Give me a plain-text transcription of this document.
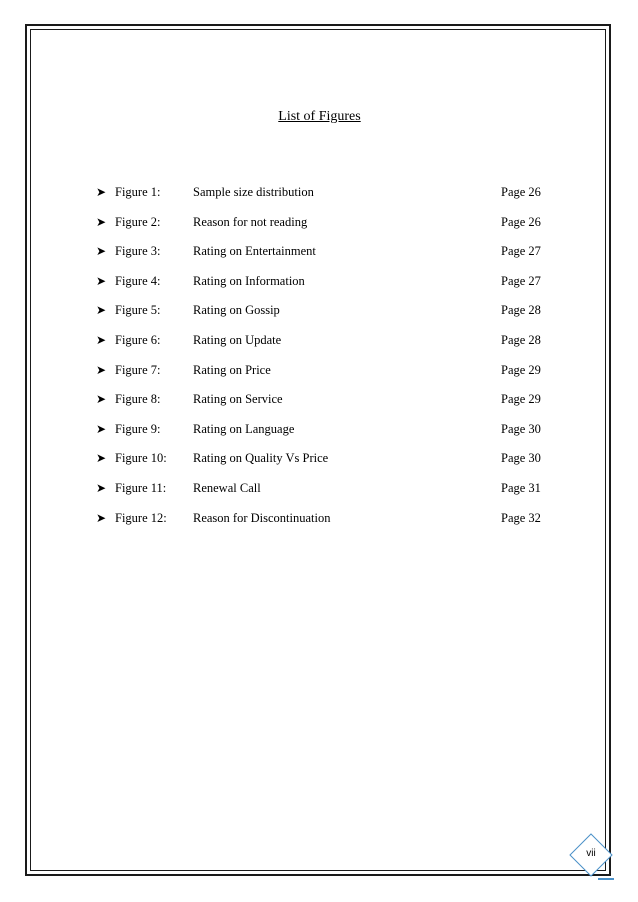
List of Figures
➤ Figure 1:	Sample size distribution	Page 26
➤ Figure 2:	Reason for not reading	Page 26
➤ Figure 3:	Rating on Entertainment	Page 27
➤ Figure 4:	Rating on Information	Page 27
➤ Figure 5:	Rating on Gossip	Page 28
➤ Figure 6:	Rating on Update	Page 28
➤ Figure 7:	Rating on Price	Page 29
➤ Figure 8:	Rating on Service	Page 29
➤ Figure 9:	Rating on Language	Page 30
➤ Figure 10: Rating on Quality Vs Price	Page 30
➤ Figure 11: Renewal Call	Page 31
➤ Figure 12: Reason for Discontinuation	Page 32
vii
